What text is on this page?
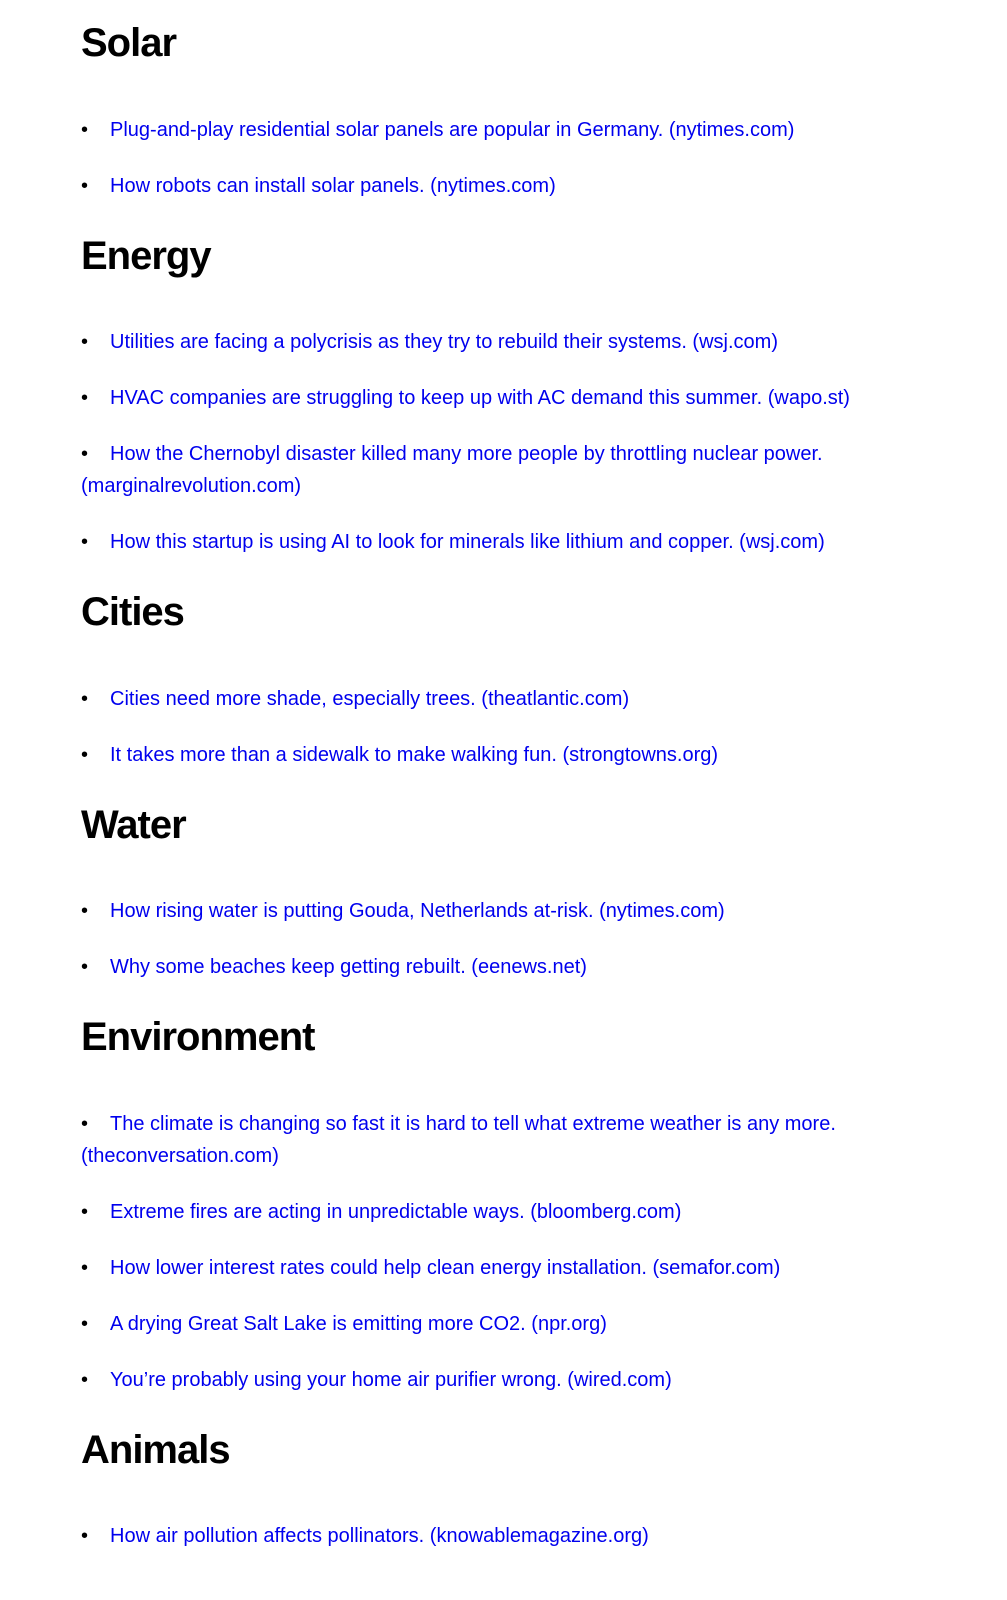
Solar
•Plug-and-play residential solar panels are popular in Germany. (nytimes.com)
•How robots can install solar panels. (nytimes.com)
Energy
•Utilities are facing a polycrisis as they try to rebuild their systems. (wsj.com)
•HVAC companies are struggling to keep up with AC demand this summer. (wapo.st)
•How the Chernobyl disaster killed many more people by throttling nuclear power. (marginalrevolution.com)
•How this startup is using AI to look for minerals like lithium and copper. (wsj.com)
Cities
•Cities need more shade, especially trees. (theatlantic.com)
•It takes more than a sidewalk to make walking fun. (strongtowns.org)
Water
•How rising water is putting Gouda, Netherlands at-risk. (nytimes.com)
•Why some beaches keep getting rebuilt. (eenews.net)
Environment
•The climate is changing so fast it is hard to tell what extreme weather is any more. (theconversation.com)
•Extreme fires are acting in unpredictable ways. (bloomberg.com)
•How lower interest rates could help clean energy installation. (semafor.com)
•A drying Great Salt Lake is emitting more CO2. (npr.org)
•You’re probably using your home air purifier wrong. (wired.com)
Animals
•How air pollution affects pollinators. (knowablemagazine.org)
